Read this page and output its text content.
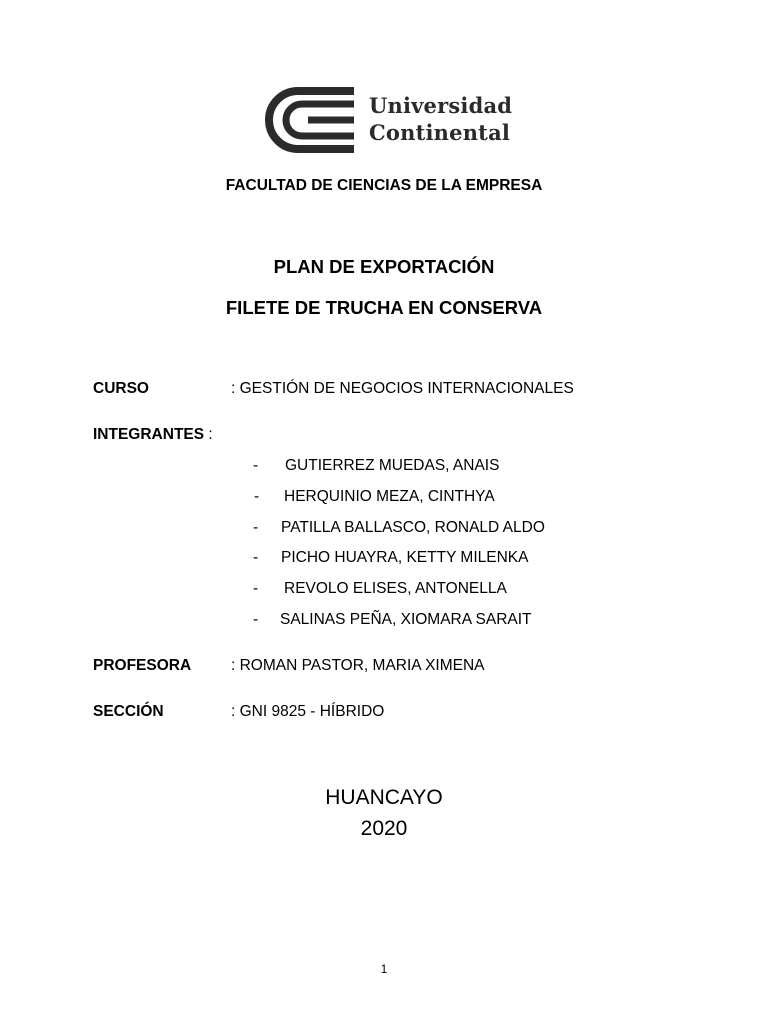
Universidad
Continental
FACULTAD DE CIENCIAS DE LA EMPRESA
PLAN DE EXPORTACIÓN
FILETE DE TRUCHA EN CONSERVA
CURSO	: GESTIÓN DE NEGOCIOS INTERNACIONALES
INTEGRANTES :
- GUTIERREZ MUEDAS, ANAIS
- HERQUINIO MEZA, CINTHYA
- PATILLA BALLASCO, RONALD ALDO
- PICHO HUAYRA, KETTY MILENKA
- REVOLO ELISES, ANTONELLA
- SALINAS PEÑA, XIOMARA SARAIT
PROFESORA	: ROMAN PASTOR, MARIA XIMENA
SECCIÓN	: GNI 9825 - HÍBRIDO
HUANCAYO
2020
1
